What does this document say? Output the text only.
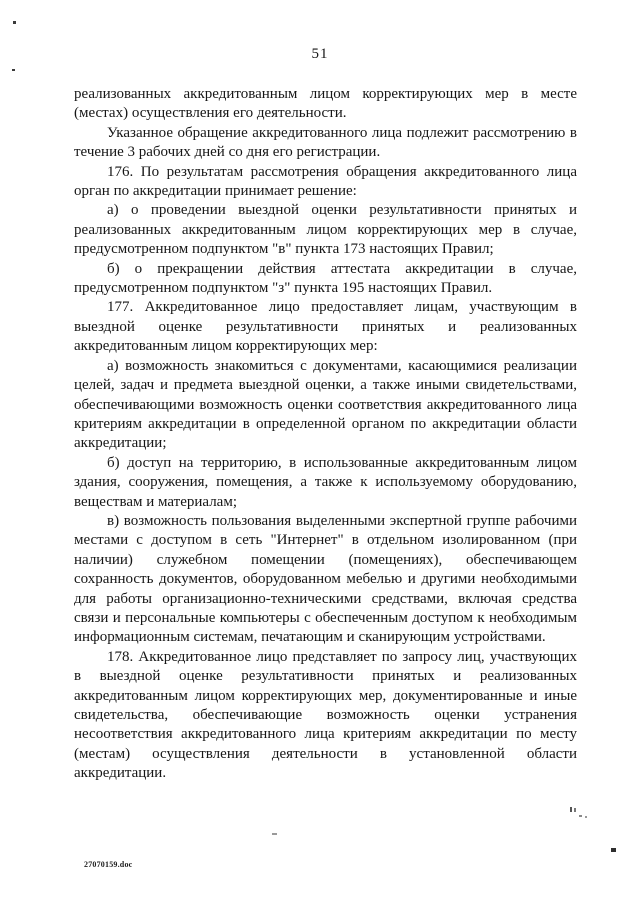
51

реализованных аккредитованным лицом корректирующих мер в месте (местах) осуществления его деятельности.

Указанное обращение аккредитованного лица подлежит рассмотрению в течение 3 рабочих дней со дня его регистрации.

176. По результатам рассмотрения обращения аккредитованного лица орган по аккредитации принимает решение:

а) о проведении выездной оценки результативности принятых и реализованных аккредитованным лицом корректирующих мер в случае, предусмотренном подпунктом "в" пункта 173 настоящих Правил;

б) о прекращении действия аттестата аккредитации в случае, предусмотренном подпунктом "з" пункта 195 настоящих Правил.

177. Аккредитованное лицо предоставляет лицам, участвующим в выездной оценке результативности принятых и реализованных аккредитованным лицом корректирующих мер:

а) возможность знакомиться с документами, касающимися реализации целей, задач и предмета выездной оценки, а также иными свидетельствами, обеспечивающими возможность оценки соответствия аккредитованного лица критериям аккредитации в определенной органом по аккредитации области аккредитации;

б) доступ на территорию, в использованные аккредитованным лицом здания, сооружения, помещения, а также к используемому оборудованию, веществам и материалам;

в) возможность пользования выделенными экспертной группе рабочими местами с доступом в сеть "Интернет" в отдельном изолированном (при наличии) служебном помещении (помещениях), обеспечивающем сохранность документов, оборудованном мебелью и другими необходимыми для работы организационно-техническими средствами, включая средства связи и персональные компьютеры с обеспеченным доступом к необходимым информационным системам, печатающим и сканирующим устройствами.

178. Аккредитованное лицо представляет по запросу лиц, участвующих в выездной оценке результативности принятых и реализованных аккредитованным лицом корректирующих мер, документированные и иные свидетельства, обеспечивающие возможность оценки устранения несоответствия аккредитованного лица критериям аккредитации по месту (местам) осуществления деятельности в установленной области аккредитации.

27070159.doc
